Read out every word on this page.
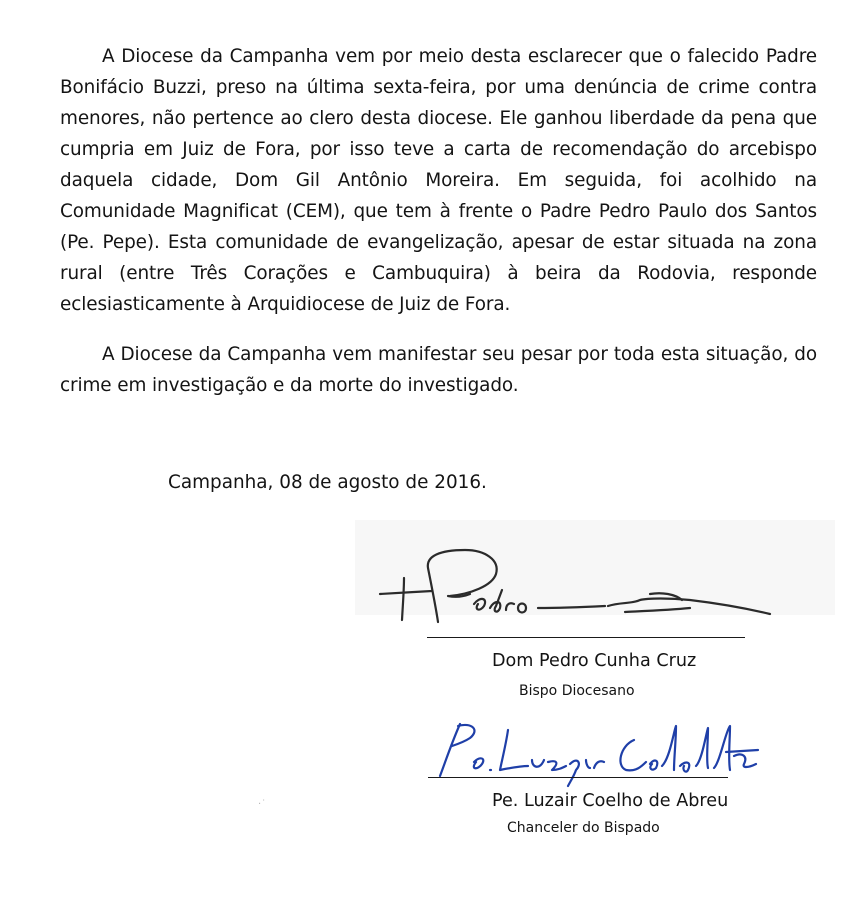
A Diocese da Campanha vem por meio desta esclarecer que o falecido Padre Bonifácio Buzzi, preso na última sexta-feira, por uma denúncia de crime contra menores, não pertence ao clero desta diocese. Ele ganhou liberdade da pena que cumpria em Juiz de Fora, por isso teve a carta de recomendação do arcebispo daquela cidade, Dom Gil Antônio Moreira. Em seguida, foi acolhido na Comunidade Magnificat (CEM), que tem à frente o Padre Pedro Paulo dos Santos (Pe. Pepe). Esta comunidade de evangelização, apesar de estar situada na zona rural (entre Três Corações e Cambuquira) à beira da Rodovia, responde eclesiasticamente à Arquidiocese de Juiz de Fora.

A Diocese da Campanha vem manifestar seu pesar por toda esta situação, do crime em investigação e da morte do investigado.

Campanha, 08 de agosto de 2016.

Dom Pedro Cunha Cruz

Bispo Diocesano

Pe. Luzair Coelho de Abreu

Chanceler do Bispado

·˙
